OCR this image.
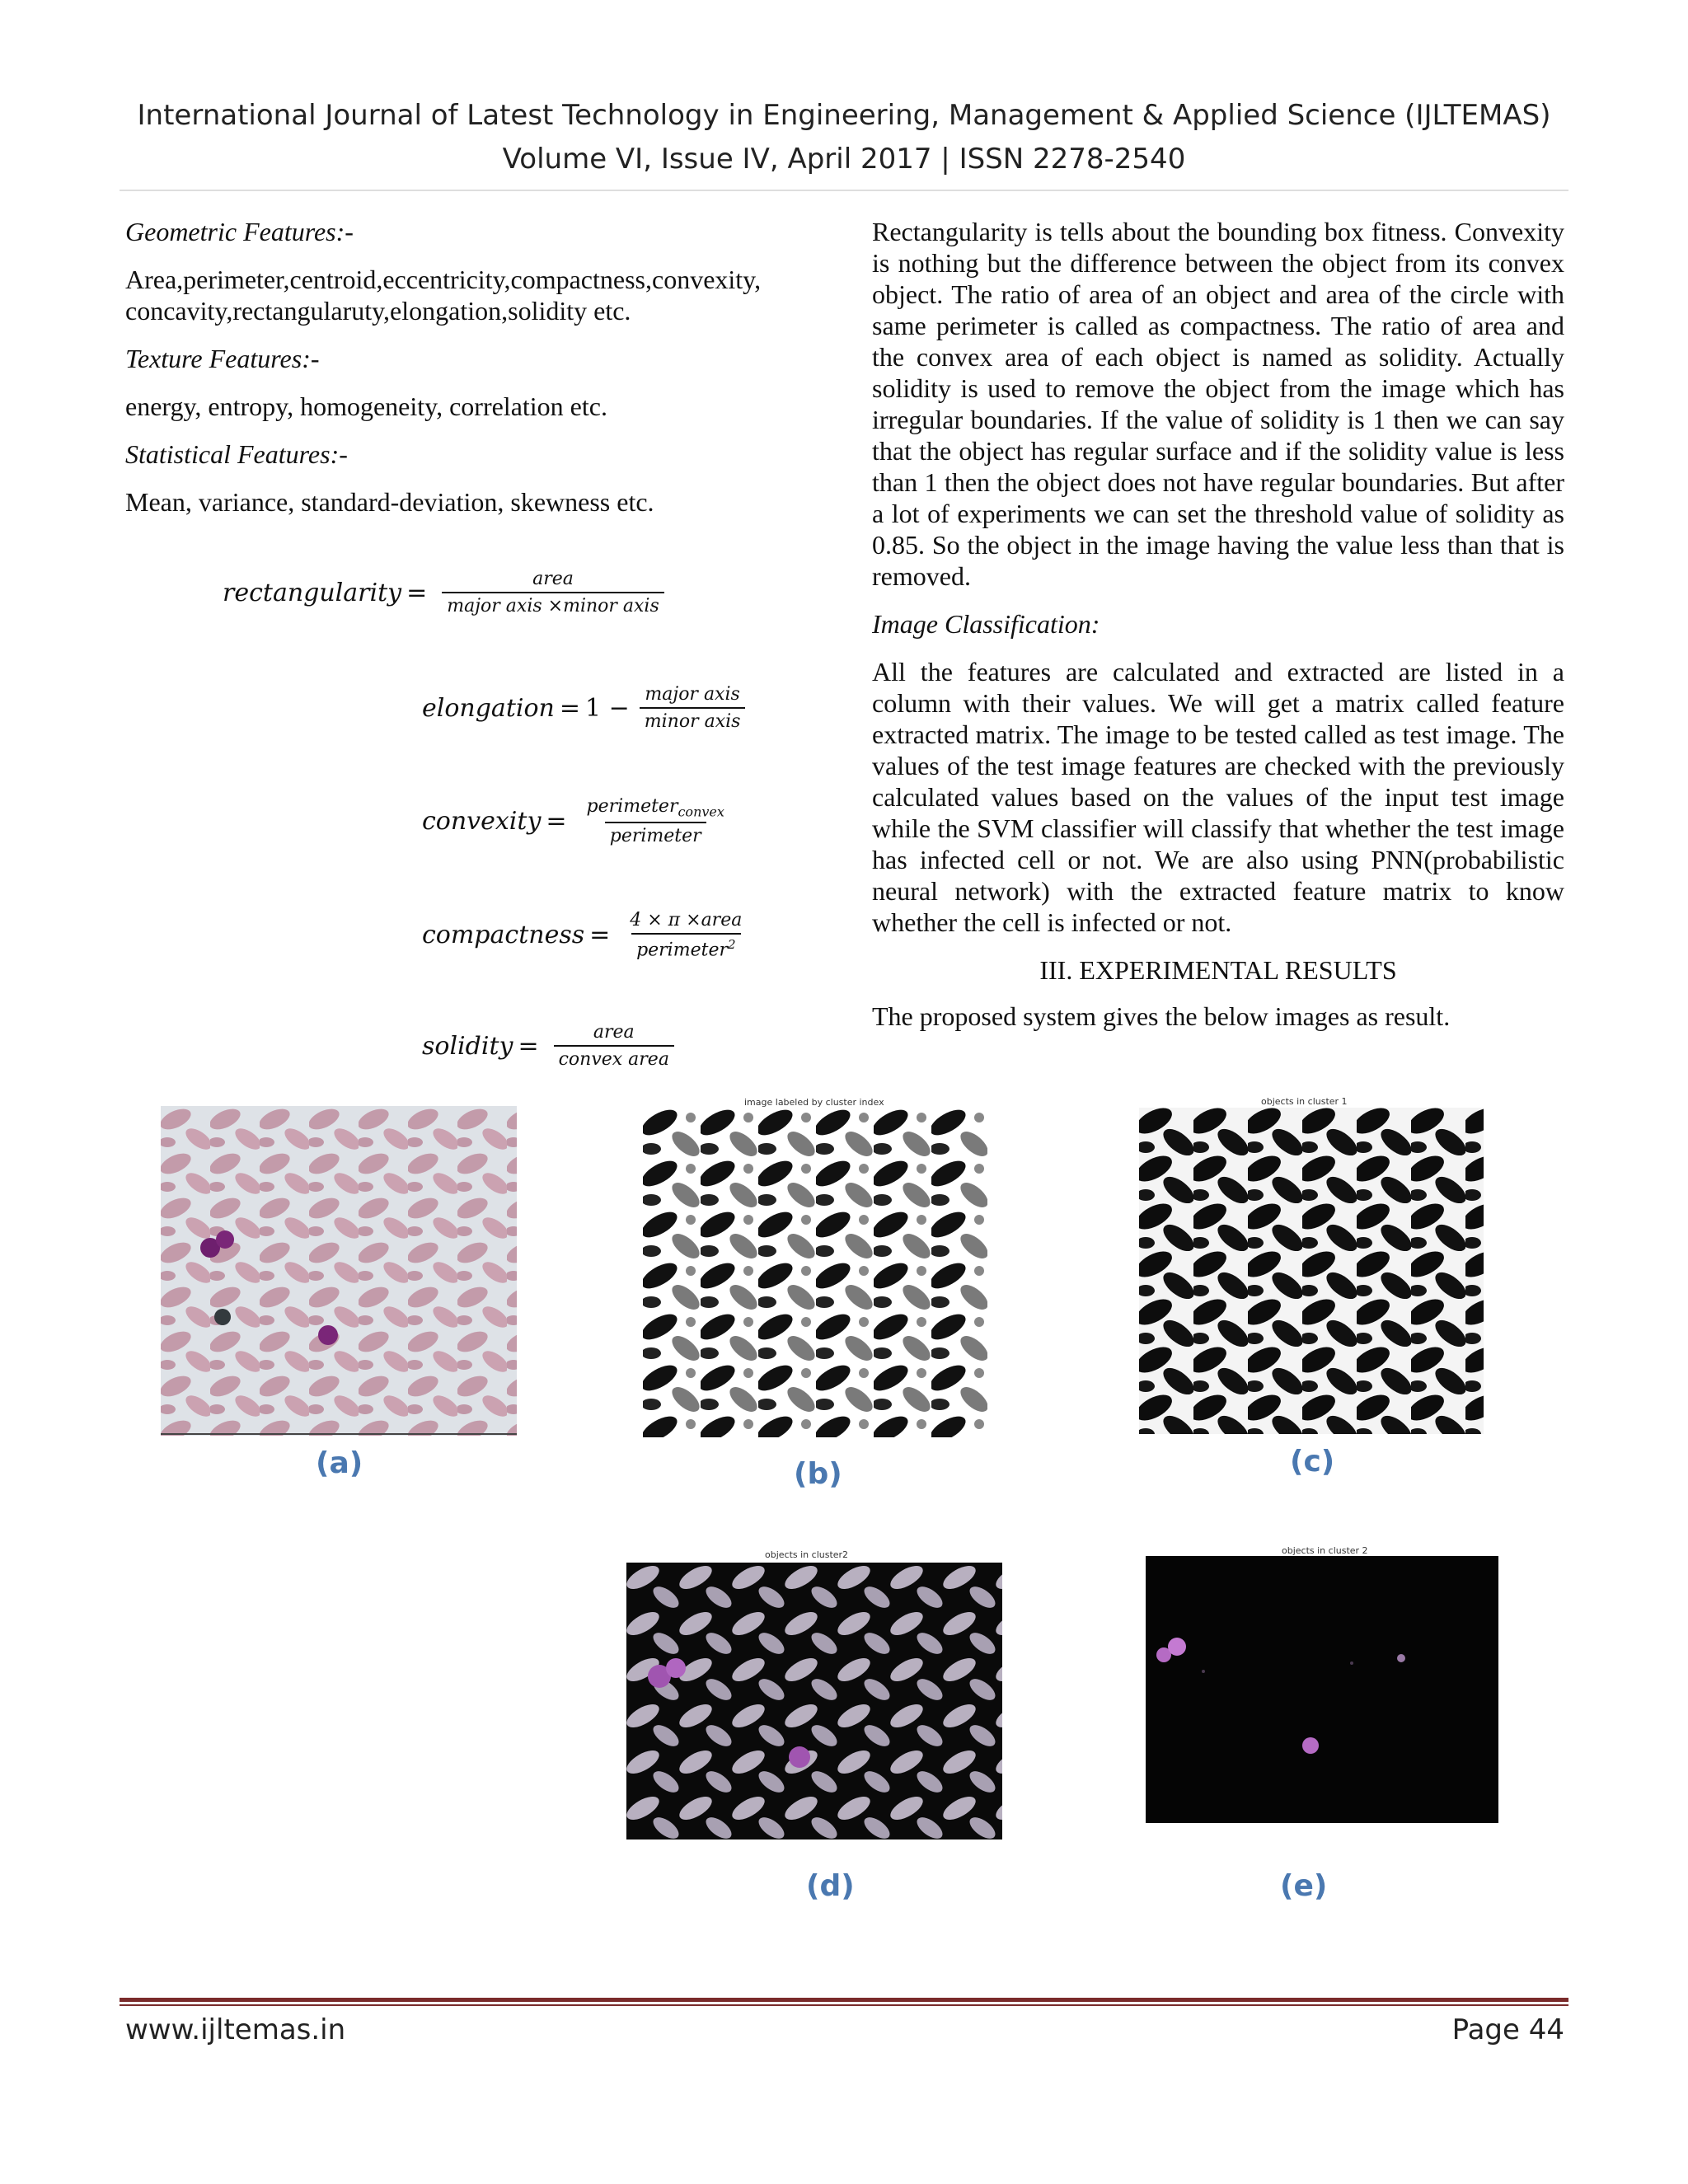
International Journal of Latest Technology in Engineering, Management & Applied Science (IJLTEMAS)
Volume VI, Issue IV, April 2017 | ISSN 2278-2540

Geometric Features:-

Area,perimeter,centroid,eccentricity,compactness,convexity, concavity,rectangularuty,elongation,solidity etc.

Texture Features:-

energy, entropy, homogeneity, correlation etc.

Statistical Features:-

Mean, variance, standard-deviation, skewness etc.

rectangularity = $\frac{\text{area}}{\text{major axis ×minor axis}}$
elongation = $1 - \frac{\text{major axis}}{\text{minor axis}}$
convexity = $\frac{perimeter_{convex}}{\text{perimeter}}$
compactness = $\frac{\text{4 × π ×area}}{perimeter^2}$
solidity = $\frac{\text{area}}{\text{convex area}}$

Rectangularity is tells about the bounding box fitness. Convexity is nothing but the difference between the object from its convex object. The ratio of area of an object and area of the circle with same perimeter is called as compactness. The ratio of area and the convex area of each object is named as solidity. Actually solidity is used to remove the object from the image which has irregular boundaries. If the value of solidity is 1 then we can say that the object has regular surface and if the solidity value is less than 1 then the object does not have regular boundaries. But after a lot of experiments we can set the threshold value of solidity as 0.85. So the object in the image having the value less than that is removed.

Image Classification:

All the features are calculated and extracted are listed in a column with their values. We will get a matrix called feature extracted matrix. The image to be tested called as test image. The values of the test image features are checked with the previously calculated values based on the values of the input test image while the SVM classifier will classify that whether the test image has infected cell or not. We are also using PNN(probabilistic neural network) with the extracted feature matrix to know whether the cell is infected or not.

III. EXPERIMENTAL RESULTS

The proposed system gives the below images as result.

(a)
image labeled by cluster index
(b)
objects in cluster 1
(c)
objects in cluster2
(d)
objects in cluster 2
(e)
www.ijltemas.in	Page 44
